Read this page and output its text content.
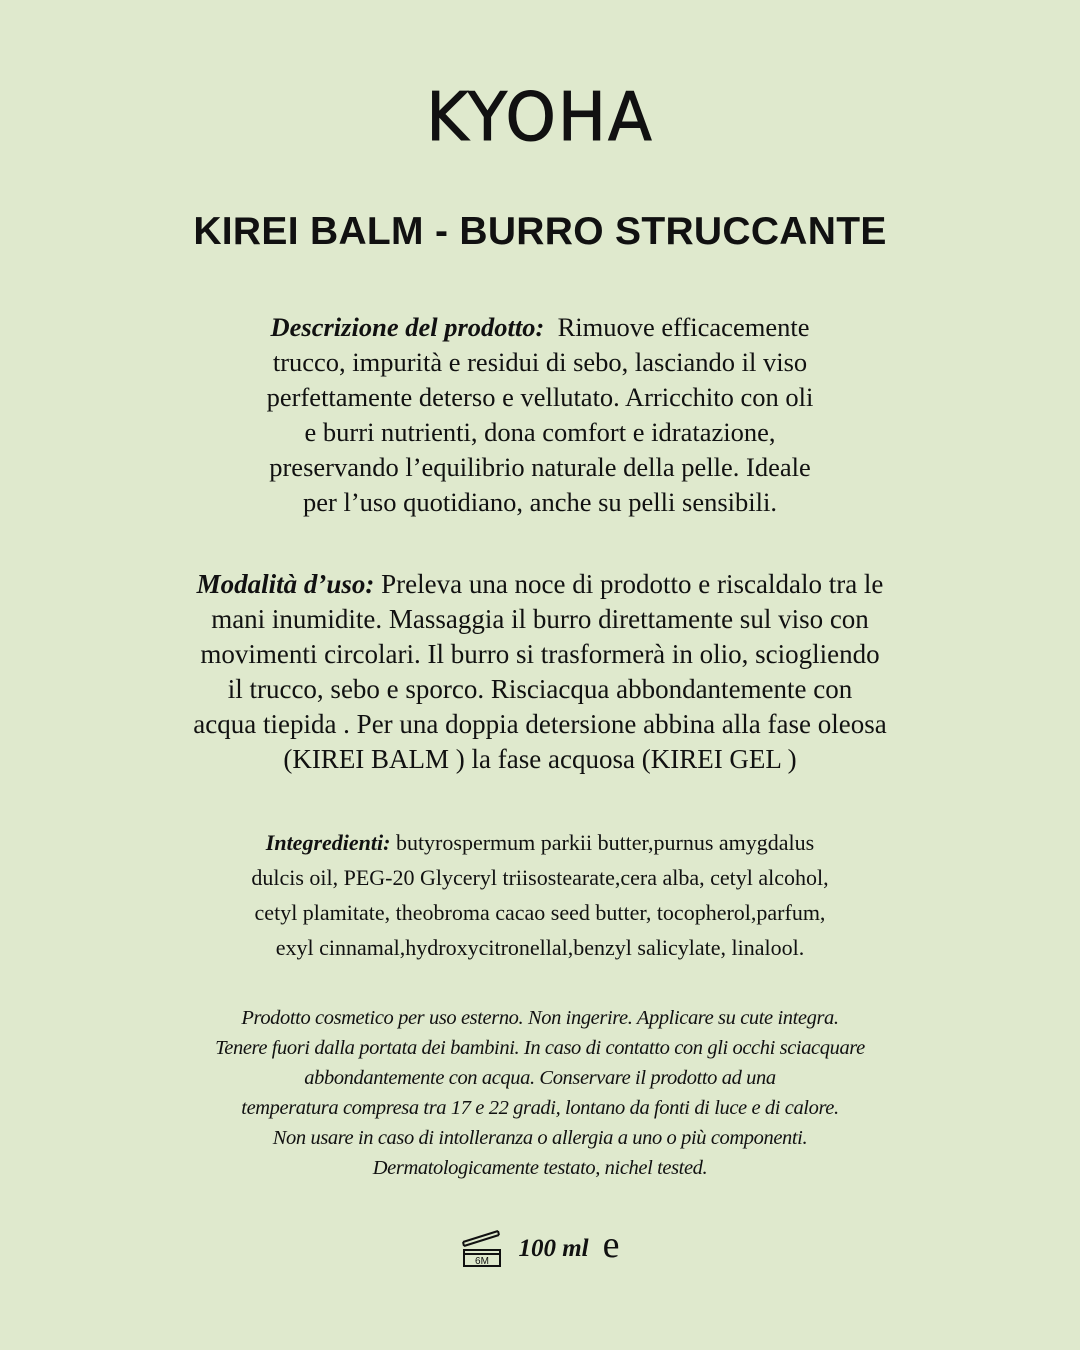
KYOHA
KIREI BALM - BURRO STRUCCANTE
Descrizione del prodotto: Rimuove efficacemente
trucco, impurità e residui di sebo, lasciando il viso
perfettamente deterso e vellutato. Arricchito con oli
e burri nutrienti, dona comfort e idratazione,
preservando l’equilibrio naturale della pelle. Ideale
per l’uso quotidiano, anche su pelli sensibili.
Modalità d’uso: Preleva una noce di prodotto e riscaldalo tra le
mani inumidite. Massaggia il burro direttamente sul viso con
movimenti circolari. Il burro si trasformerà in olio, sciogliendo
il trucco, sebo e sporco. Risciacqua abbondantemente con
acqua tiepida . Per una doppia detersione abbina alla fase oleosa
(KIREI BALM ) la fase acquosa (KIREI GEL )
Integredienti: butyrospermum parkii butter,purnus amygdalus
dulcis oil, PEG-20 Glyceryl triisostearate,cera alba, cetyl alcohol,
cetyl plamitate, theobroma cacao seed butter, tocopherol,parfum,
exyl cinnamal,hydroxycitronellal,benzyl salicylate, linalool.
Prodotto cosmetico per uso esterno. Non ingerire. Applicare su cute integra.
Tenere fuori dalla portata dei bambini. In caso di contatto con gli occhi sciacquare
abbondantemente con acqua. Conservare il prodotto ad una
temperatura compresa tra 17 e 22 gradi, lontano da fonti di luce e di calore.
Non usare in caso di intolleranza o allergia a uno o più componenti.
Dermatologicamente testato, nichel tested.
6M 100 ml e
